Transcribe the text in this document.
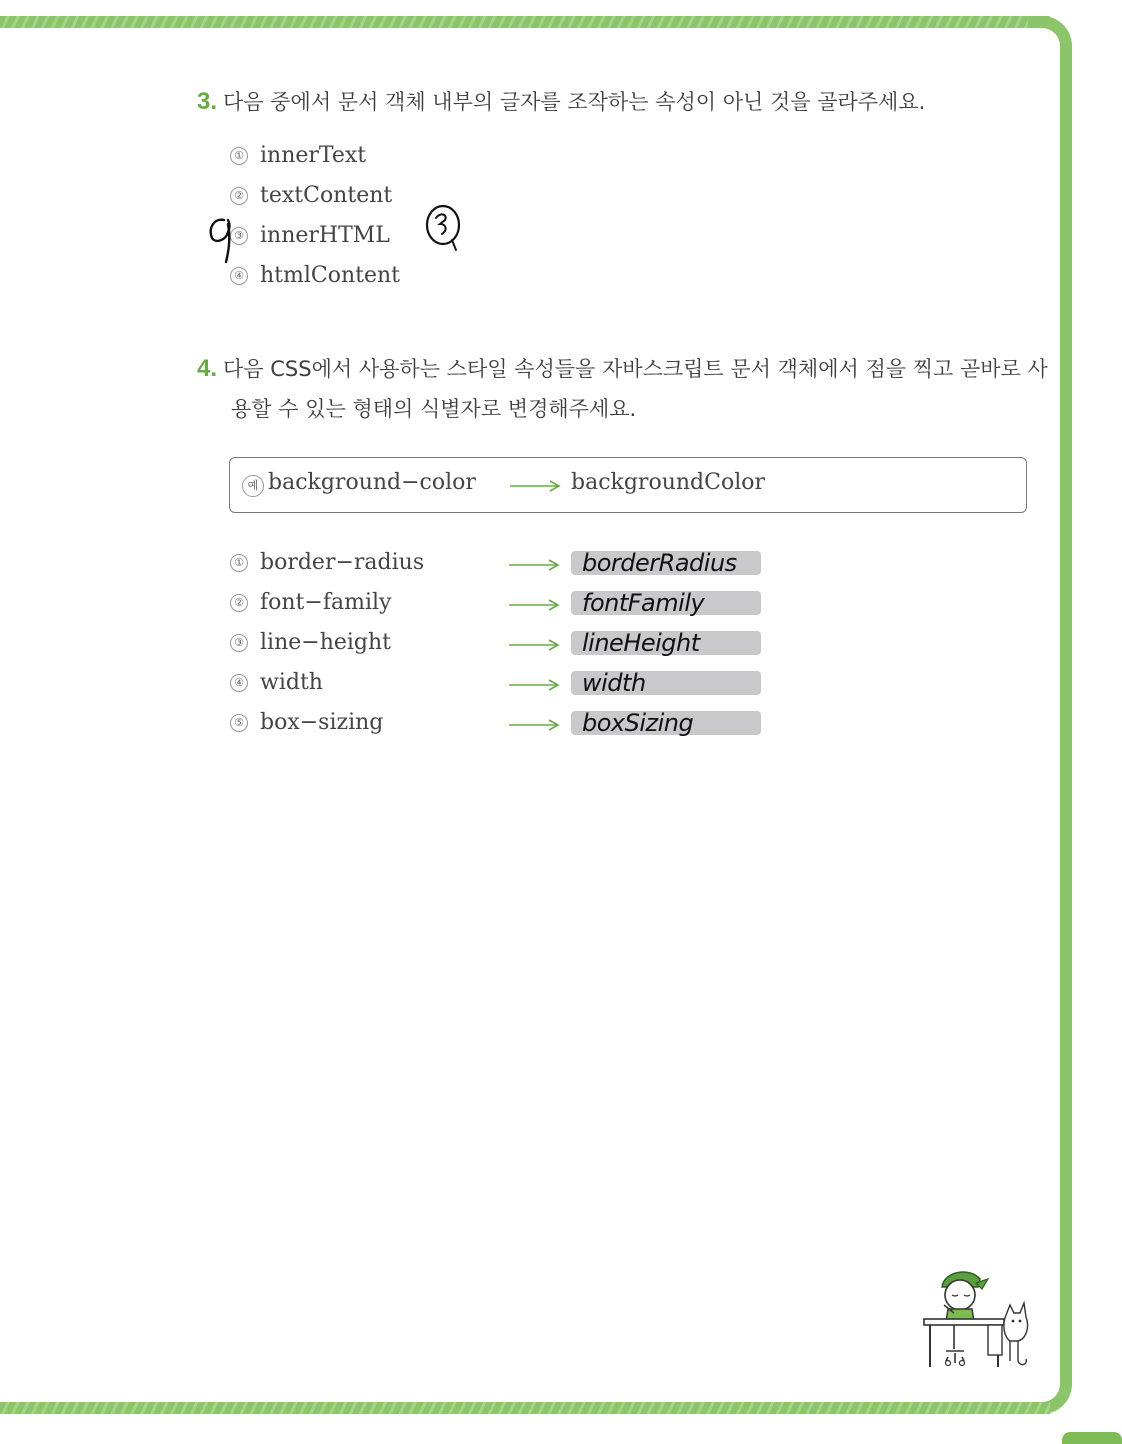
3. 다음 중에서 문서 객체 내부의 글자를 조작하는 속성이 아닌 것을 골라주세요.
① innerText
② textContent
③ innerHTML
④ htmlContent
4. 다음 CSS에서 사용하는 스타일 속성들을 자바스크립트 문서 객체에서 점을 찍고 곧바로 사
용할 수 있는 형태의 식별자로 변경해주세요.
예 background−color	backgroundColor
① border−radius	borderRadius
② font−family	fontFamily
③ line−height	lineHeight
④ width	width
⑤ box−sizing	boxSizing
